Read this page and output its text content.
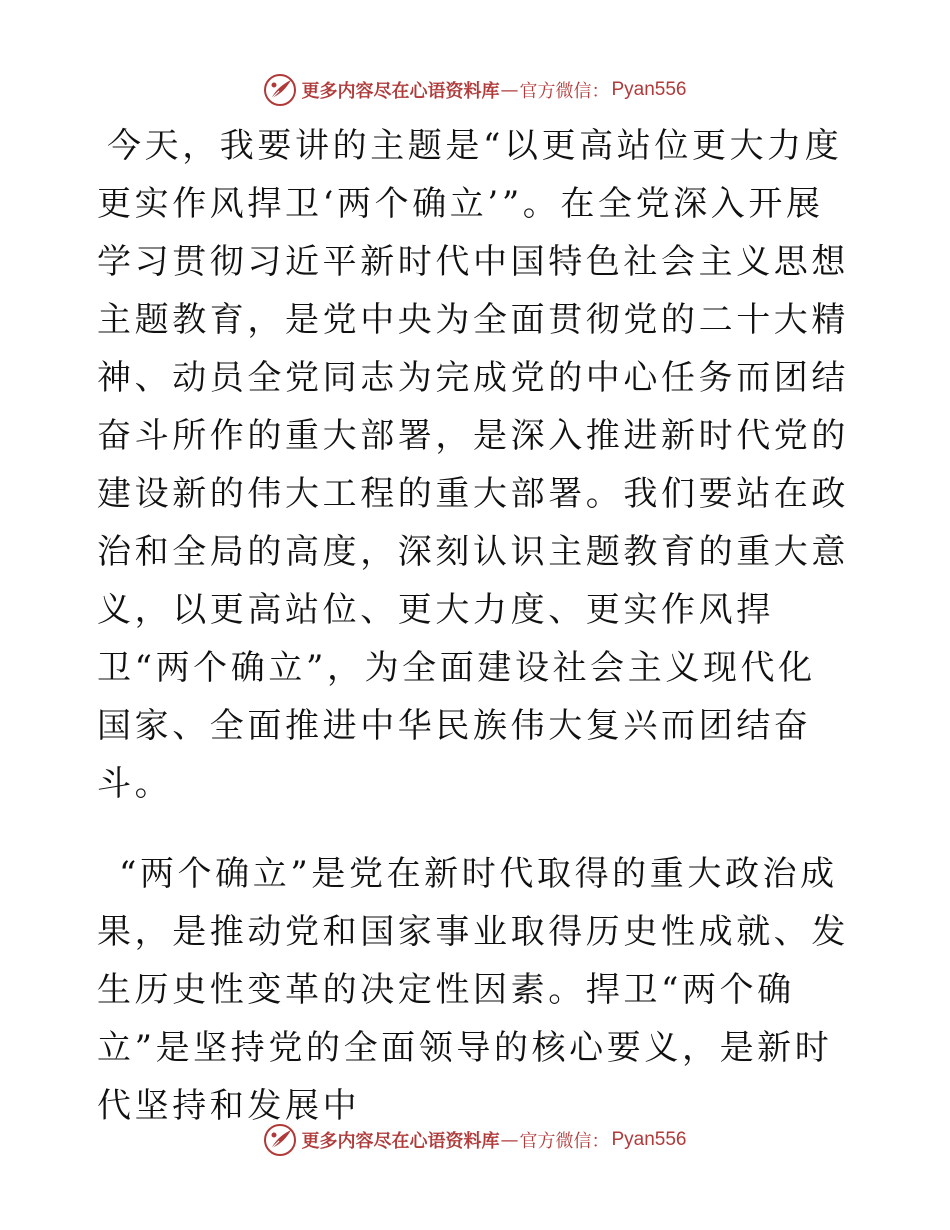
更多内容尽在心语资料库 — 官方微信： Pyan556

今天，我要讲的主题是“以更高站位更大力度更实作风捍卫‘两个确立’”。在全党深入开展学习贯彻习近平新时代中国特色社会主义思想主题教育，是党中央为全面贯彻党的二十大精神、动员全党同志为完成党的中心任务而团结奋斗所作的重大部署，是深入推进新时代党的建设新的伟大工程的重大部署。我们要站在政治和全局的高度，深刻认识主题教育的重大意义，以更高站位、更大力度、更实作风捍卫“两个确立”，为全面建设社会主义现代化国家、全面推进中华民族伟大复兴而团结奋斗。

“两个确立”是党在新时代取得的重大政治成果，是推动党和国家事业取得历史性成就、发生历史性变革的决定性因素。捍卫“两个确立”是坚持党的全面领导的核心要义，是新时代坚持和发展中

更多内容尽在心语资料库 — 官方微信： Pyan556
